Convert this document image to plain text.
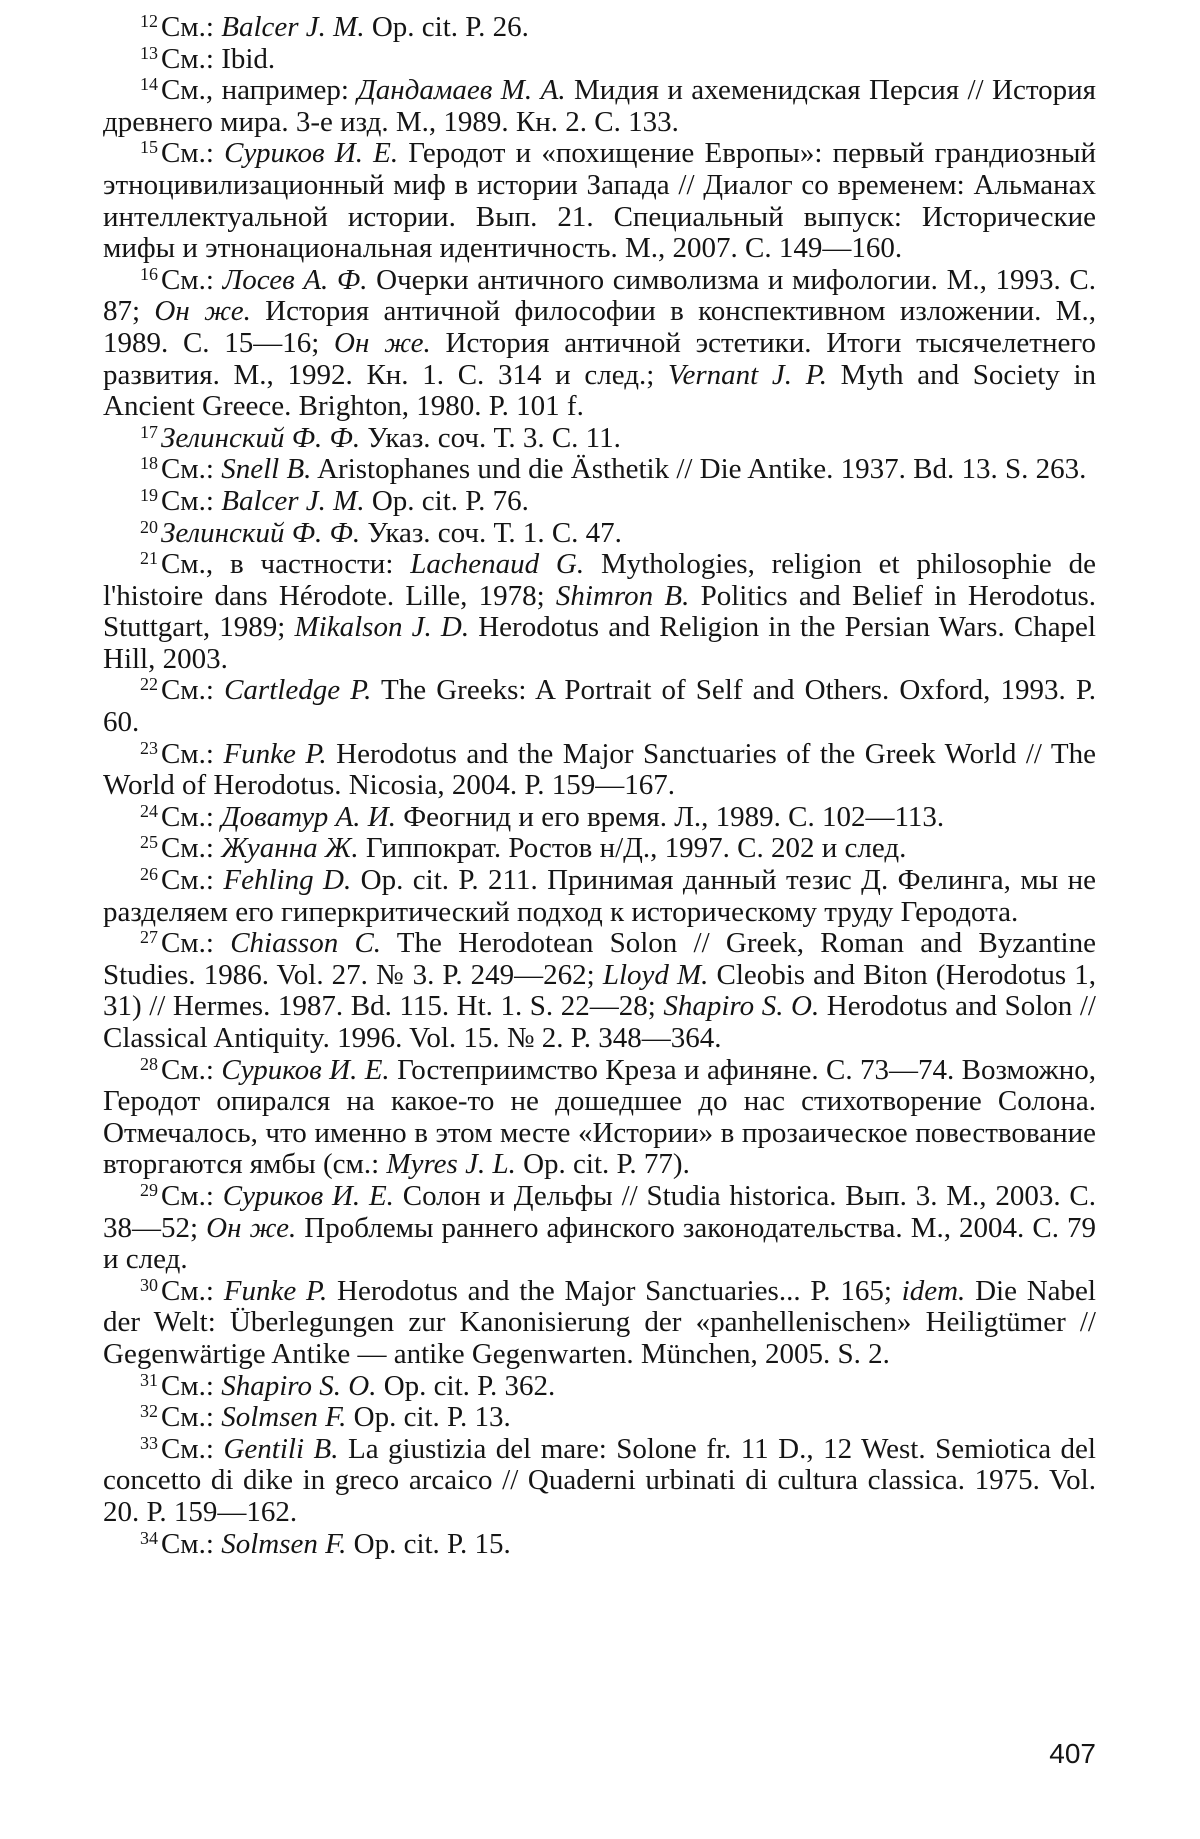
$^{12}$ См.: Balcer J. M. Op. cit. P. 26.

$^{13}$ См.: Ibid.

$^{14}$ См., например: Дандамаев М. А. Мидия и ахеменидская Персия // История древнего мира. 3-е изд. М., 1989. Кн. 2. С. 133.

$^{15}$ См.: Суриков И. Е. Геродот и «похищение Европы»: первый грандиозный этноцивилизационный миф в истории Запада // Диалог со временем: Альманах интеллектуальной истории. Вып. 21. Специальный выпуск: Исторические мифы и этнонациональная идентичность. М., 2007. С. 149—160.

$^{16}$ См.: Лосев А. Ф. Очерки античного символизма и мифологии. М., 1993. С. 87; Он же. История античной философии в конспективном изложении. М., 1989. С. 15—16; Он же. История античной эстетики. Итоги тысячелетнего развития. М., 1992. Кн. 1. С. 314 и след.; Vernant J. P. Myth and Society in Ancient Greece. Brighton, 1980. P. 101 f.

$^{17}$ Зелинский Ф. Ф. Указ. соч. Т. 3. С. 11.

$^{18}$ См.: Snell B. Aristophanes und die Ästhetik // Die Antike. 1937. Bd. 13. S. 263.

$^{19}$ См.: Balcer J. M. Op. cit. P. 76.

$^{20}$ Зелинский Ф. Ф. Указ. соч. Т. 1. С. 47.

$^{21}$ См., в частности: Lachenaud G. Mythologies, religion et philosophie de l'histoire dans Hérodote. Lille, 1978; Shimron B. Politics and Belief in Herodotus. Stuttgart, 1989; Mikalson J. D. Herodotus and Religion in the Persian Wars. Chapel Hill, 2003.

$^{22}$ См.: Cartledge P. The Greeks: A Portrait of Self and Others. Oxford, 1993. P. 60.

$^{23}$ См.: Funke P. Herodotus and the Major Sanctuaries of the Greek World // The World of Herodotus. Nicosia, 2004. P. 159—167.

$^{24}$ См.: Доватур А. И. Феогнид и его время. Л., 1989. С. 102—113.

$^{25}$ См.: Жуанна Ж. Гиппократ. Ростов н/Д., 1997. С. 202 и след.

$^{26}$ См.: Fehling D. Op. cit. P. 211. Принимая данный тезис Д. Фелинга, мы не разделяем его гиперкритический подход к историческому труду Геродота.

$^{27}$ См.: Chiasson C. The Herodotean Solon // Greek, Roman and Byzantine Studies. 1986. Vol. 27. № 3. P. 249—262; Lloyd M. Cleobis and Biton (Herodotus 1, 31) // Hermes. 1987. Bd. 115. Ht. 1. S. 22—28; Shapiro S. O. Herodotus and Solon // Classical Antiquity. 1996. Vol. 15. № 2. P. 348—364.

$^{28}$ См.: Суриков И. Е. Гостеприимство Креза и афиняне. С. 73—74. Возможно, Геродот опирался на какое-то не дошедшее до нас стихотворение Солона. Отмечалось, что именно в этом месте «Истории» в прозаическое повествование вторгаются ямбы (см.: Myres J. L. Op. cit. P. 77).

$^{29}$ См.: Суриков И. Е. Солон и Дельфы // Studia historica. Вып. 3. М., 2003. С. 38—52; Он же. Проблемы раннего афинского законодательства. М., 2004. С. 79 и след.

$^{30}$ См.: Funke P. Herodotus and the Major Sanctuaries... P. 165; idem. Die Nabel der Welt: Überlegungen zur Kanonisierung der «panhellenischen» Heiligtümer // Gegenwärtige Antike — antike Gegenwarten. München, 2005. S. 2.

$^{31}$ См.: Shapiro S. O. Op. cit. P. 362.

$^{32}$ См.: Solmsen F. Op. cit. P. 13.

$^{33}$ См.: Gentili B. La giustizia del mare: Solone fr. 11 D., 12 West. Semiotica del concetto di dike in greco arcaico // Quaderni urbinati di cultura classica. 1975. Vol. 20. P. 159—162.

$^{34}$ См.: Solmsen F. Op. cit. P. 15.

407
